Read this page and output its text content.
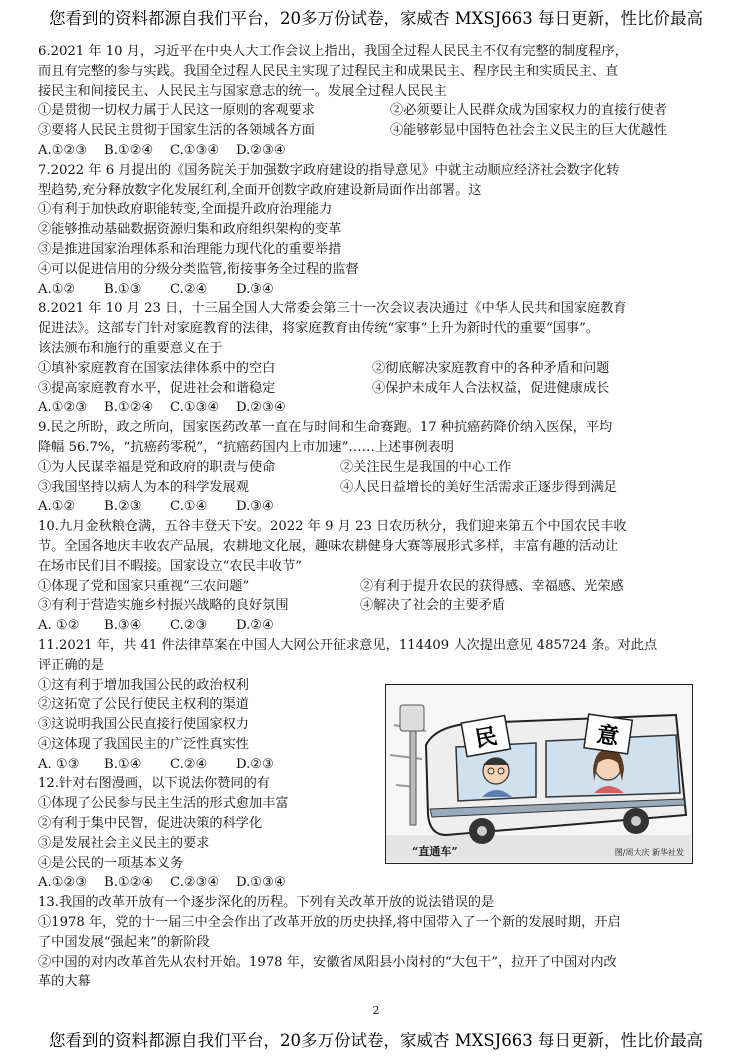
您看到的资料都源自我们平台，20多万份试卷，家威杏 MXSJ663 每日更新，性比价最高
6.2021 年 10 月，习近平在中央人大工作会议上指出，我国全过程人民民主不仅有完整的制度程序，
而且有完整的参与实践。我国全过程人民民主实现了过程民主和成果民主、程序民主和实质民主、直
接民主和间接民主、人民民主与国家意志的统一。发展全过程人民民主
①是贯彻一切权力属于人民这一原则的客观要求	②必须要让人民群众成为国家权力的直接行使者
③要将人民民主贯彻于国家生活的各领域各方面	④能够彰显中国特色社会主义民主的巨大优越性
A.①②③	B.①②④	C.①③④	D.②③④
7.2022 年 6 月提出的《国务院关于加强数字政府建设的指导意见》中就主动顺应经济社会数字化转
型趋势,充分释放数字化发展红利,全面开创数字政府建设新局面作出部署。这
①有利于加快政府职能转变,全面提升政府治理能力
②能够推动基础数据资源归集和政府组织架构的变革
③是推进国家治理体系和治理能力现代化的重要举措
④可以促进信用的分级分类监管,衔接事务全过程的监督
A.①②	B.①③	C.②④	D.③④
8.2021 年 10 月 23 日，十三届全国人大常委会第三十一次会议表决通过《中华人民共和国家庭教育
促进法》。这部专门针对家庭教育的法律，将家庭教育由传统“家事”上升为新时代的重要“国事”。
该法颁布和施行的重要意义在于
①填补家庭教育在国家法律体系中的空白	②彻底解决家庭教育中的各种矛盾和问题
③提高家庭教育水平，促进社会和谐稳定	④保护未成年人合法权益，促进健康成长
A.①②③	B.①②④	C.①③④	D.②③④
9.民之所盼，政之所向，国家医药改革一直在与时间和生命赛跑。17 种抗癌药降价纳入医保，平均
降幅 56.7%，“抗癌药零税”，“抗癌药国内上市加速”……上述事例表明
①为人民谋幸福是党和政府的职责与使命	②关注民生是我国的中心工作
③我国坚持以病人为本的科学发展观	④人民日益增长的美好生活需求正逐步得到满足
A.①②	B.②③	C.①④	D.③④
10.九月金秋粮仓满，五谷丰登天下安。2022 年 9 月 23 日农历秋分，我们迎来第五个中国农民丰收
节。全国各地庆丰收农产品展，农耕地文化展，趣味农耕健身大赛等展形式多样，丰富有趣的活动让
在场市民们目不暇接。国家设立“农民丰收节”
①体现了党和国家只重视“三农问题”	②有利于提升农民的获得感、幸福感、光荣感
③有利于营造实施乡村振兴战略的良好氛围	④解决了社会的主要矛盾
A. ①②	B.③④	C.②③	D.②④
11.2021 年，共 41 件法律草案在中国人大网公开征求意见，114409 人次提出意见 485724 条。对此点
评正确的是
①这有利于增加我国公民的政治权利
②这拓宽了公民行使民主权利的渠道
③这说明我国公民直接行使国家权力
④这体现了我国民主的广泛性真实性
A. ①③	B.①④	C.②④	D.②③
12.针对右图漫画，以下说法你赞同的有
①体现了公民参与民主生活的形式愈加丰富
②有利于集中民智，促进决策的科学化
③是发展社会主义民主的要求
④是公民的一项基本义务
A.①②③	B.①②④	C.②③④	D.①③④
13.我国的改革开放有一个逐步深化的历程。下列有关改革开放的说法错误的是
①1978 年，党的十一届三中全会作出了改革开放的历史抉择,将中国带入了一个新的发展时期，开启
了中国发展“强起来”的新阶段
②中国的对内改革首先从农村开始。1978 年，安徽省凤阳县小岗村的“大包干”，拉开了中国对内改
革的大幕
民	意
“直通车”	图/周大庆 新华社发
2
您看到的资料都源自我们平台，20多万份试卷，家威杏 MXSJ663 每日更新，性比价最高
